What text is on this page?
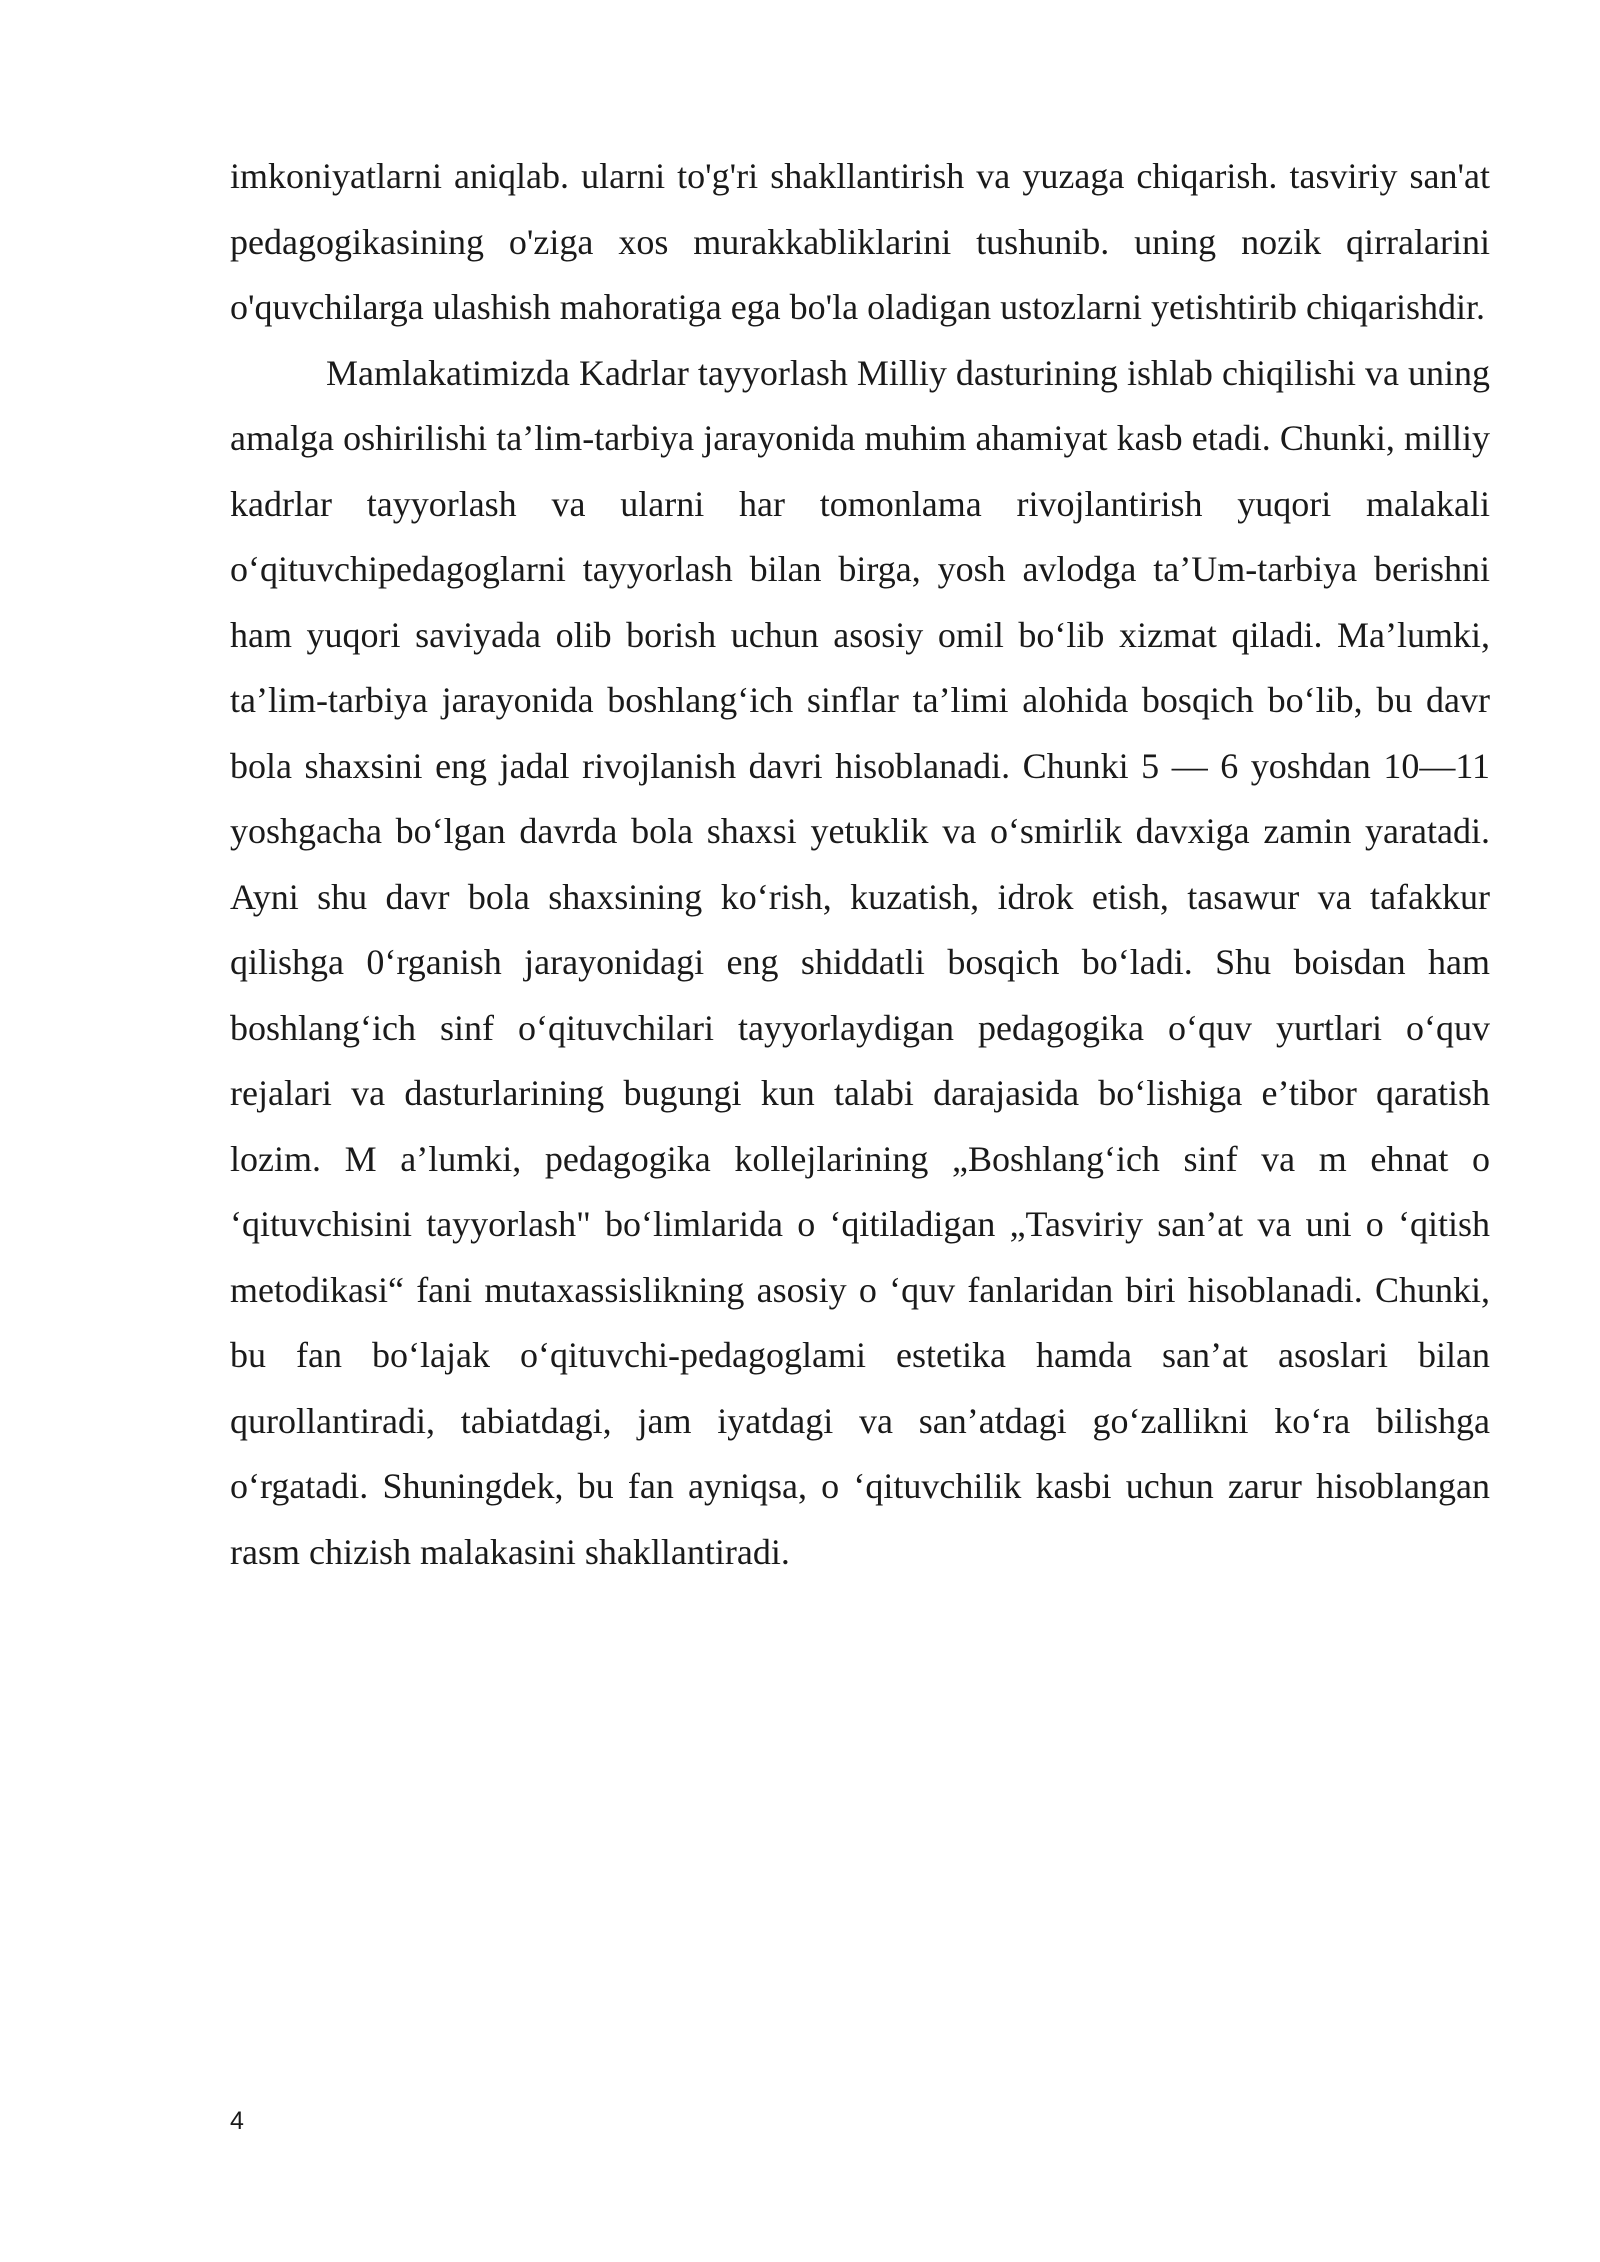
imkoniyatlarni aniqlab. ularni to'g'ri shakllantirish va yuzaga chiqarish. tasviriy san'at pedagogikasining o'ziga xos murakkabliklarini tushunib. uning nozik qirralarini o'quvchilarga ulashish mahoratiga ega bo'la oladigan ustozlarni yetishtirib chiqarishdir.

Mamlakatimizda Kadrlar tayyorlash Milliy dasturining ishlab chiqilishi va uning amalga oshirilishi ta’lim-tarbiya jarayonida muhim ahamiyat kasb etadi. Chunki, milliy kadrlar tayyorlash va ularni har tomonlama rivojlantirish yuqori malakali o‘qituvchipedagoglarni tayyorlash bilan birga, yosh avlodga ta’Um-tarbiya berishni ham yuqori saviyada olib borish uchun asosiy omil bo‘lib xizmat qiladi. Ma’lumki, ta’lim-tarbiya jarayonida boshlang‘ich sinflar ta’limi alohida bosqich bo‘lib, bu davr bola shaxsini eng jadal rivojlanish davri hisoblanadi. Chunki 5 — 6 yoshdan 10—11 yoshgacha bo‘lgan davrda bola shaxsi yetuklik va o‘smirlik davxiga zamin yaratadi. Ayni shu davr bola shaxsining ko‘rish, kuzatish, idrok etish, tasawur va tafakkur qilishga 0‘rganish jarayonidagi eng shiddatli bosqich bo‘ladi. Shu boisdan ham boshlang‘ich sinf o‘qituvchilari tayyorlaydigan pedagogika o‘quv yurtlari o‘quv rejalari va dasturlarining bugungi kun talabi darajasida bo‘lishiga e’tibor qaratish lozim. M a’lumki, pedagogika kollejlarining „Boshlang‘ich sinf va m ehnat o ‘qituvchisini tayyorlash" bo‘limlarida o ‘qitiladigan „Tasviriy san’at va uni o ‘qitish metodikasi“ fani mutaxassislikning asosiy o ‘quv fanlaridan biri hisoblanadi. Chunki, bu fan bo‘lajak o‘qituvchi-pedagoglami estetika hamda san’at asoslari bilan qurollantiradi, tabiatdagi, jam iyatdagi va san’atdagi go‘zallikni ko‘ra bilishga o‘rgatadi. Shuningdek, bu fan ayniqsa, o ‘qituvchilik kasbi uchun zarur hisoblangan rasm chizish malakasini shakllantiradi.

4
